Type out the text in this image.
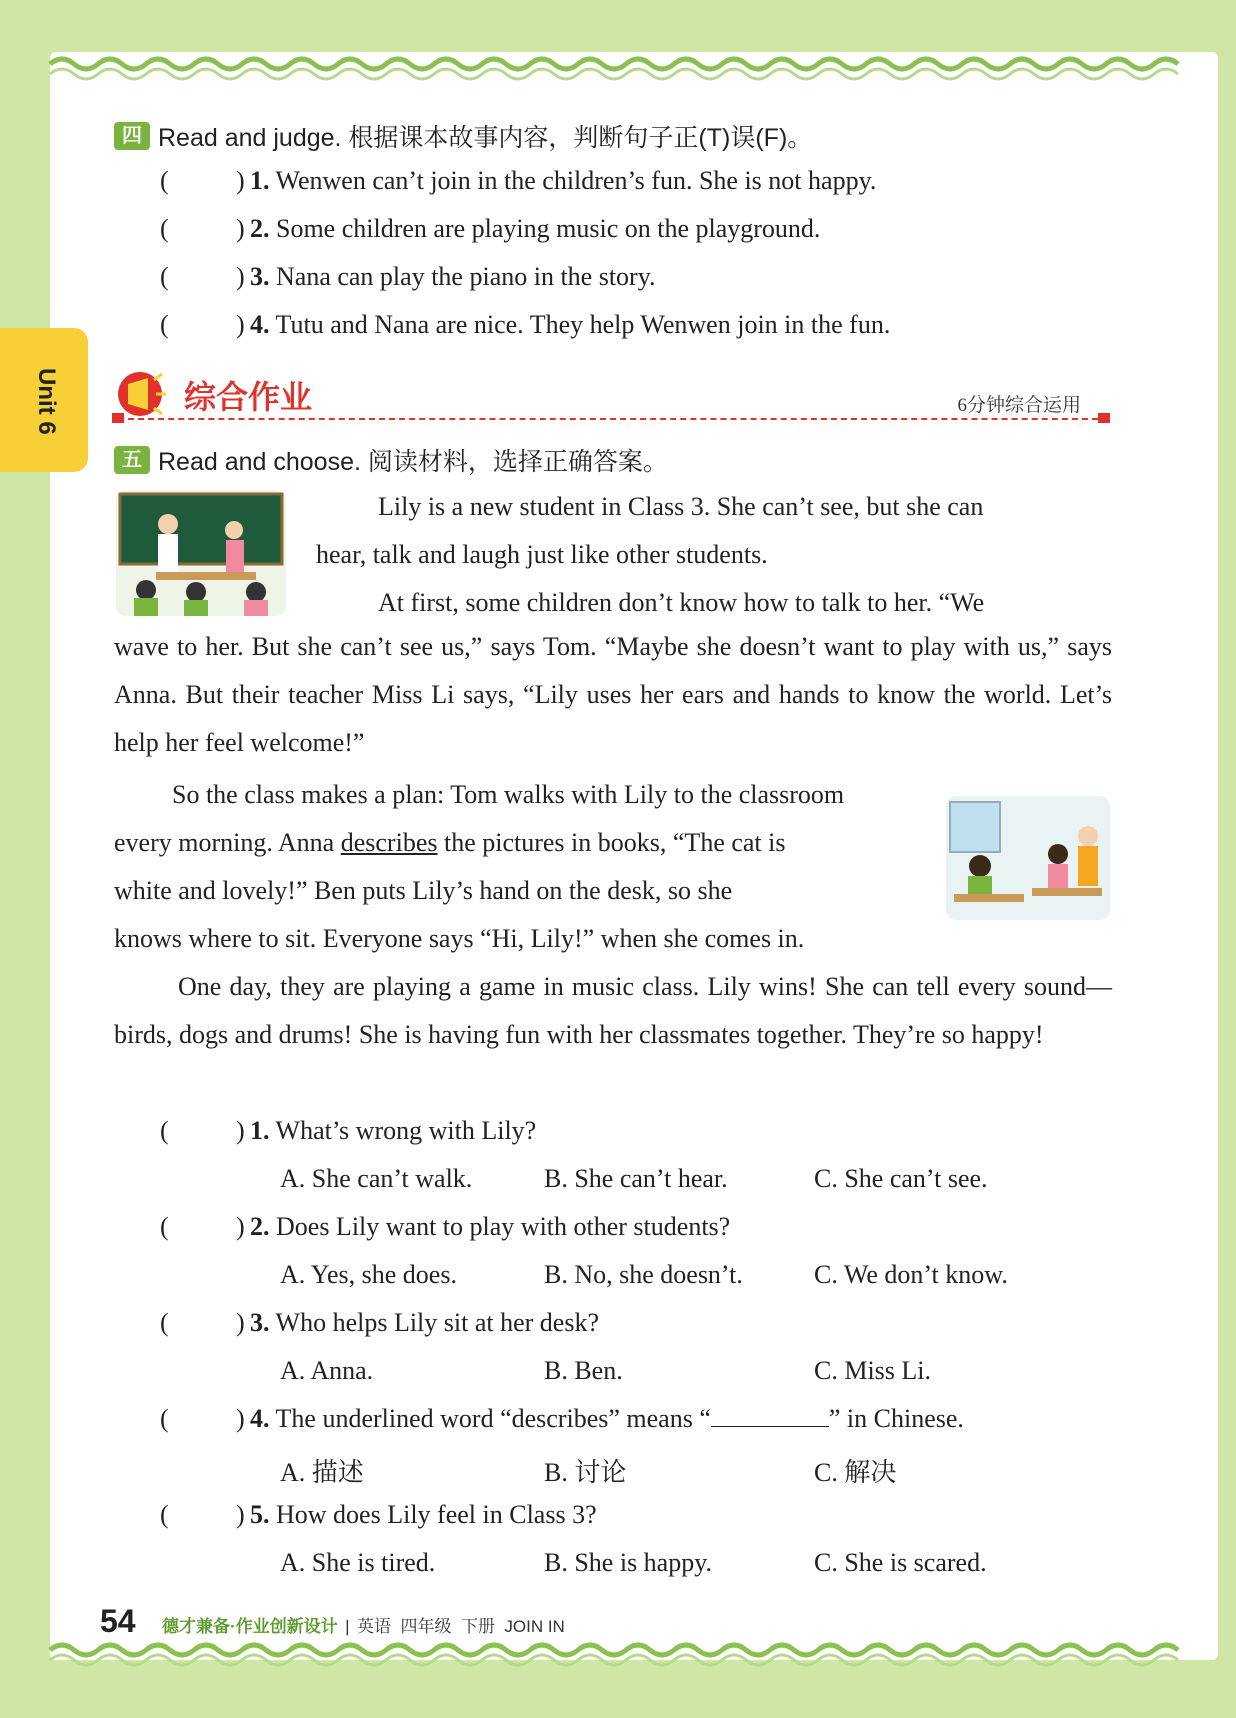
Unit 6
四 Read and judge. 根据课本故事内容，判断句子正(T)误(F)。
(	) 1. Wenwen can’t join in the children’s fun. She is not happy.
(	) 2. Some children are playing music on the playground.
(	) 3. Nana can play the piano in the story.
(	) 4. Tutu and Nana are nice. They help Wenwen join in the fun.
综合作业	6分钟综合运用
五 Read and choose. 阅读材料，选择正确答案。
Lily is a new student in Class 3. She can’t see, but she can
hear, talk and laugh just like other students.
At first, some children don’t know how to talk to her. “We
wave to her. But she can’t see us,” says Tom. “Maybe she doesn’t want to play with us,” says Anna. But their teacher Miss Li says, “Lily uses her ears and hands to know the world. Let’s help her feel welcome!”
So the class makes a plan: Tom walks with Lily to the classroom
every morning. Anna describes the pictures in books, “The cat is
white and lovely!” Ben puts Lily’s hand on the desk, so she
knows where to sit. Everyone says “Hi, Lily!” when she comes in.
One day, they are playing a game in music class. Lily wins! She can tell every sound—birds, dogs and drums! She is having fun with her classmates together. They’re so happy!
(	) 1. What’s wrong with Lily?
A. She can’t walk.	B. She can’t hear.	C. She can’t see.
(	) 2. Does Lily want to play with other students?
A. Yes, she does.	B. No, she doesn’t.	C. We don’t know.
(	) 3. Who helps Lily sit at her desk?
A. Anna.	B. Ben.	C. Miss Li.
(	) 4. The underlined word “describes” means “	” in Chinese.
A. 描述	B. 讨论	C. 解决
(	) 5. How does Lily feel in Class 3?
A. She is tired.	B. She is happy.	C. She is scared.
54 德才兼备·作业创新设计 | 英语  四年级  下册  JOIN IN
